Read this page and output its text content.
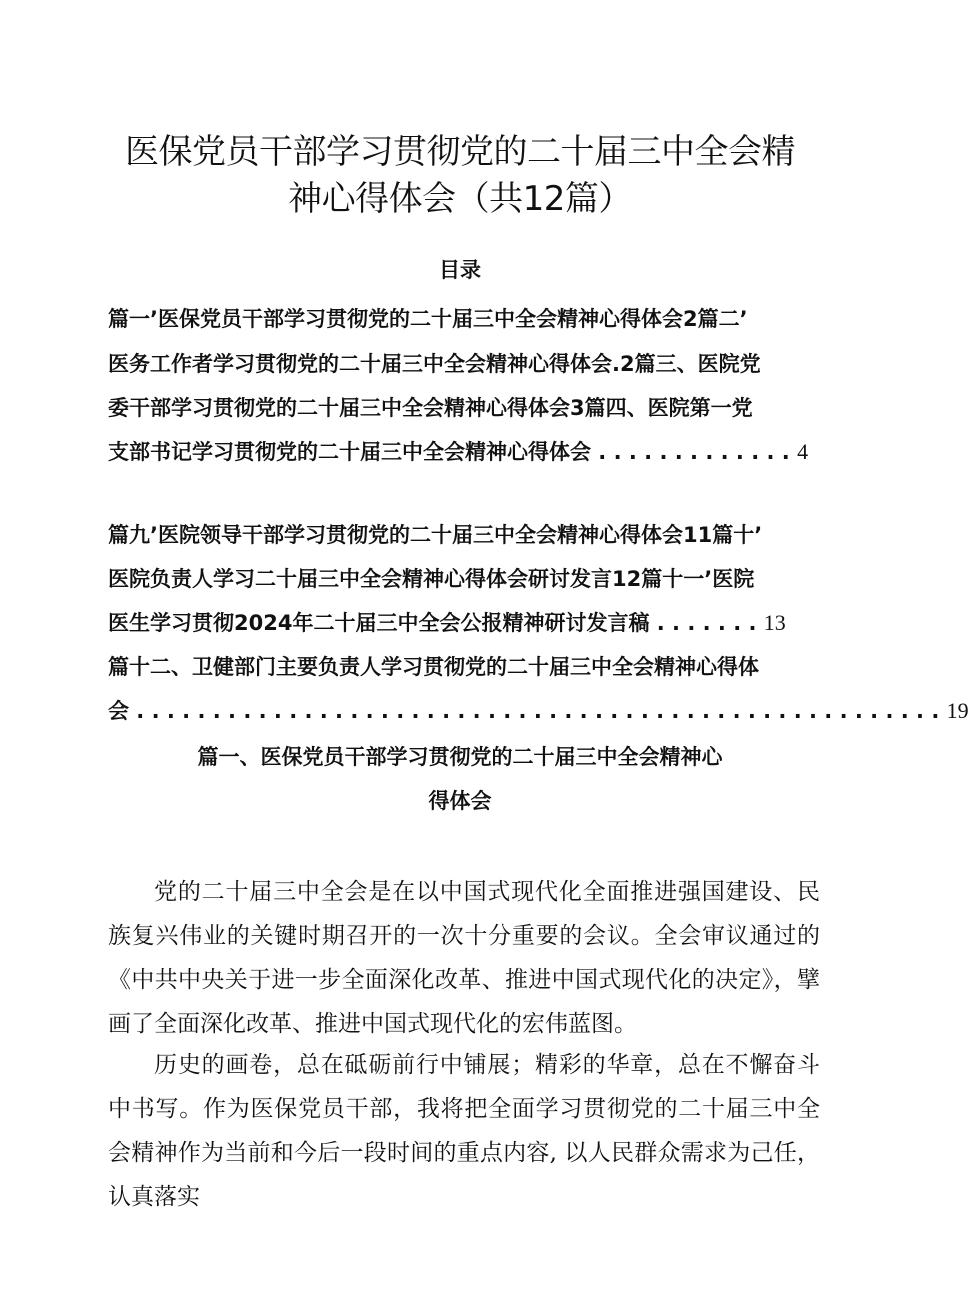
医保党员干部学习贯彻党的二十届三中全会精
神心得体会（共12篇）
目录
篇一’医保党员干部学习贯彻党的二十届三中全会精神心得体会2篇二’
医务工作者学习贯彻党的二十届三中全会精神心得体会.2篇三、医院党
委干部学习贯彻党的二十届三中全会精神心得体会3篇四、医院第一党
支部书记学习贯彻党的二十届三中全会精神心得体会 . . . . . . . . . . . . . 4
篇九’医院领导干部学习贯彻党的二十届三中全会精神心得体会11篇十’
医院负责人学习二十届三中全会精神心得体会研讨发言12篇十一’医院
医生学习贯彻2024年二十届三中全会公报精神研讨发言稿 . . . . . . . 13
篇十二、卫健部门主要负责人学习贯彻党的二十届三中全会精神心得体
会 . . . . . . . . . . . . . . . . . . . . . . . . . . . . . . . . . . . . . . . . . . . . . . . . . . . . . 19
篇一、医保党员干部学习贯彻党的二十届三中全会精神心
得体会

党的二十届三中全会是在以中国式现代化全面推进强国建设、民族复兴伟业的关键时期召开的一次十分重要的会议。全会审议通过的《中共中央关于进一步全面深化改革、推进中国式现代化的决定》，擘画了全面深化改革、推进中国式现代化的宏伟蓝图。

历史的画卷，总在砥砺前行中铺展；精彩的华章，总在不懈奋斗中书写。作为医保党员干部，我将把全面学习贯彻党的二十届三中全会精神作为当前和今后一段时间的重点内容, 以人民群众需求为己任，认真落实
